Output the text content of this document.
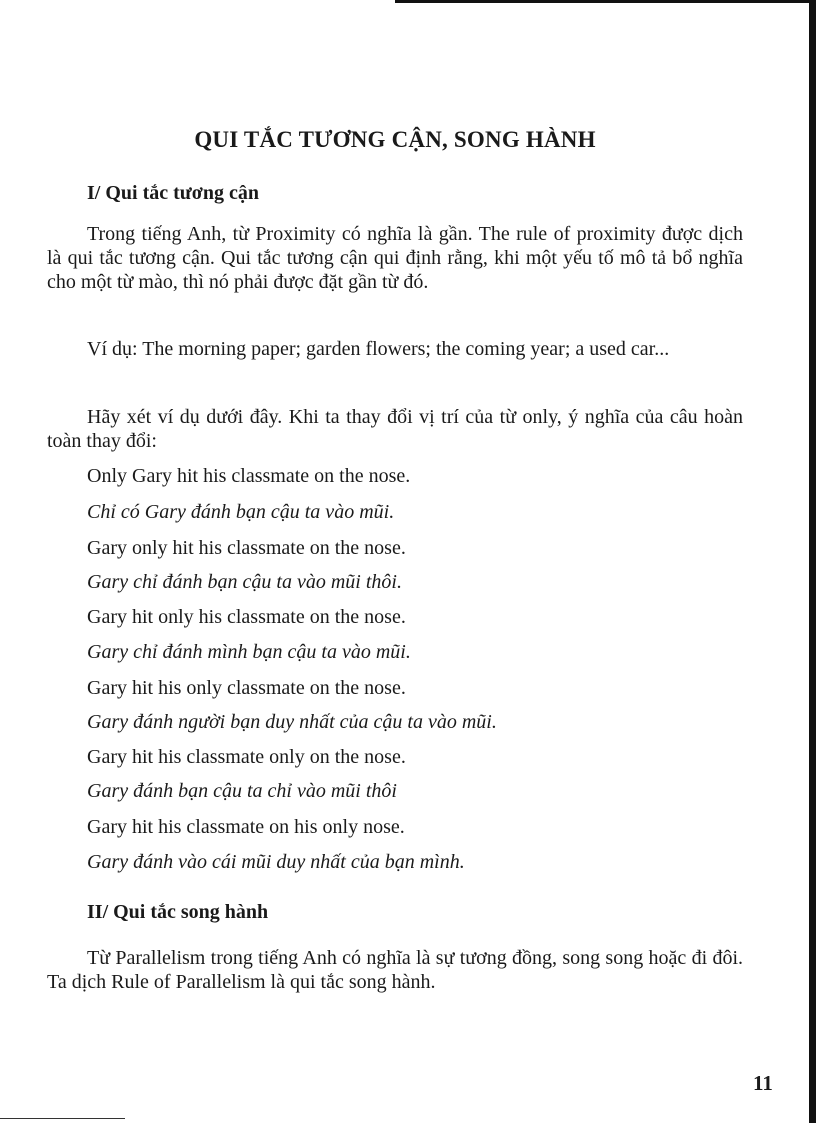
QUI TẮC TƯƠNG CẬN, SONG HÀNH
I/ Qui tắc tương cận
Trong tiếng Anh, từ Proximity có nghĩa là gần. The rule of proximity được dịch là qui tắc tương cận. Qui tắc tương cận qui định rằng, khi một yếu tố mô tả bổ nghĩa cho một từ mào, thì nó phải được đặt gần từ đó.
Ví dụ: The morning paper; garden flowers; the coming year; a used car...
Hãy xét ví dụ dưới đây. Khi ta thay đổi vị trí của từ only, ý nghĩa của câu hoàn toàn thay đổi:
Only Gary hit his classmate on the nose.
Chỉ có Gary đánh bạn cậu ta vào mũi.
Gary only hit his classmate on the nose.
Gary chỉ đánh bạn cậu ta vào mũi thôi.
Gary hit only his classmate on the nose.
Gary chỉ đánh mình bạn cậu ta vào mũi.
Gary hit his only classmate on the nose.
Gary đánh người bạn duy nhất của cậu ta vào mũi.
Gary hit his classmate only on the nose.
Gary đánh bạn cậu ta chỉ vào mũi thôi
Gary hit his classmate on his only nose.
Gary đánh vào cái mũi duy nhất của bạn mình.
II/ Qui tắc song hành
Từ Parallelism trong tiếng Anh có nghĩa là sự tương đồng, song song hoặc đi đôi. Ta dịch Rule of Parallelism là qui tắc song hành.
11
